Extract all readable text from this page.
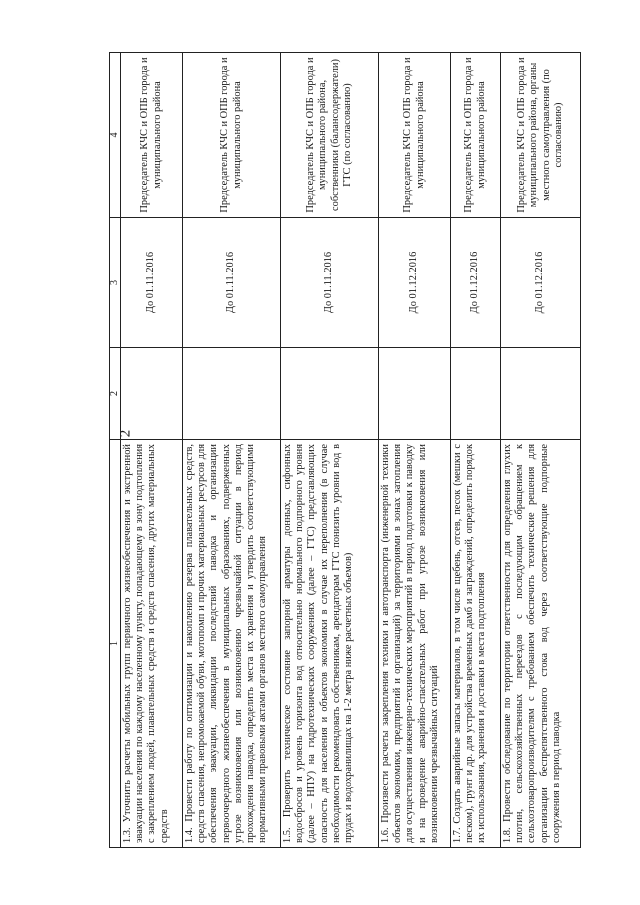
2
1	2	3	4
1.3. Уточнить расчеты мобильных групп первичного жизнеобеспечения и экстренной эвакуации населения по каждому населенному пункту, попадающему в зону подтопления с закреплением людей, плавательных средств и средств спасения, других материальных средств		До 01.11.2016	Председатель КЧС и ОПБ города и муниципального района
1.4. Провести работу по оптимизации и накоплению резерва плавательных средств, средств спасения, непромокаемой обуви, мотопомп и прочих материальных ресурсов для обеспечения эвакуации, ликвидации последствий паводка и организации первоочередного жизнеобеспечения в муниципальных образованиях, подверженных угрозе возникновения или возникновению чрезвычайной ситуации в период прохождения паводка, определить места их хранения и утвердить соответствующими нормативными правовыми актами органов местного самоуправления		До 01.11.2016	Председатель КЧС и ОПБ города и муниципального района
1.5. Проверить техническое состояние запорной арматуры донных, сифонных водосбросов и уровень горизонта вод относительно нормального подпорного уровня (далее – НПУ) на гидротехнических сооружениях (далее – ГТС) представляющих опасность для населения и объектов экономики в случае их переполнения (в случае необходимости рекомендовать собственникам, арендаторам ГТС понизить уровни вод в прудах и водохранилищах на 1-2 метра ниже расчетных объемов)		До 01.11.2016	Председатель КЧС и ОПБ города и муниципального района, собственники (балансодержатели) ГТС (по согласованию)
1.6. Произвести расчеты закрепления техники и автотранспорта (инженерной техники объектов экономики, предприятий и организаций) за территориями в зонах затопления для осуществления инженерно-технических мероприятий в период подготовки к паводку и на проведение аварийно-спасательных работ при угрозе возникновения или возникновении чрезвычайных ситуаций		До 01.12.2016	Председатель КЧС и ОПБ города и муниципального района
1.7. Создать аварийные запасы материалов, в том числе щебень, отсев, песок (мешки с песком), грунт и др. для устройства временных дамб и заграждений, определить порядок их использования, хранения и доставки в места подтопления		До 01.12.2016	Председатель КЧС и ОПБ города и муниципального района
1.8. Провести обследование по территории ответственности для определения глухих плотин, сельскохозяйственных переездов с последующим обращением к сельхозтоваропроизводителям с требованием обеспечить технические решения для организации беспрепятственного стока вод через соответствующие подпорные сооружения в период паводка		До 01.12.2016	Председатель КЧС и ОПБ города и муниципального района, органы местного самоуправления (по согласованию)
